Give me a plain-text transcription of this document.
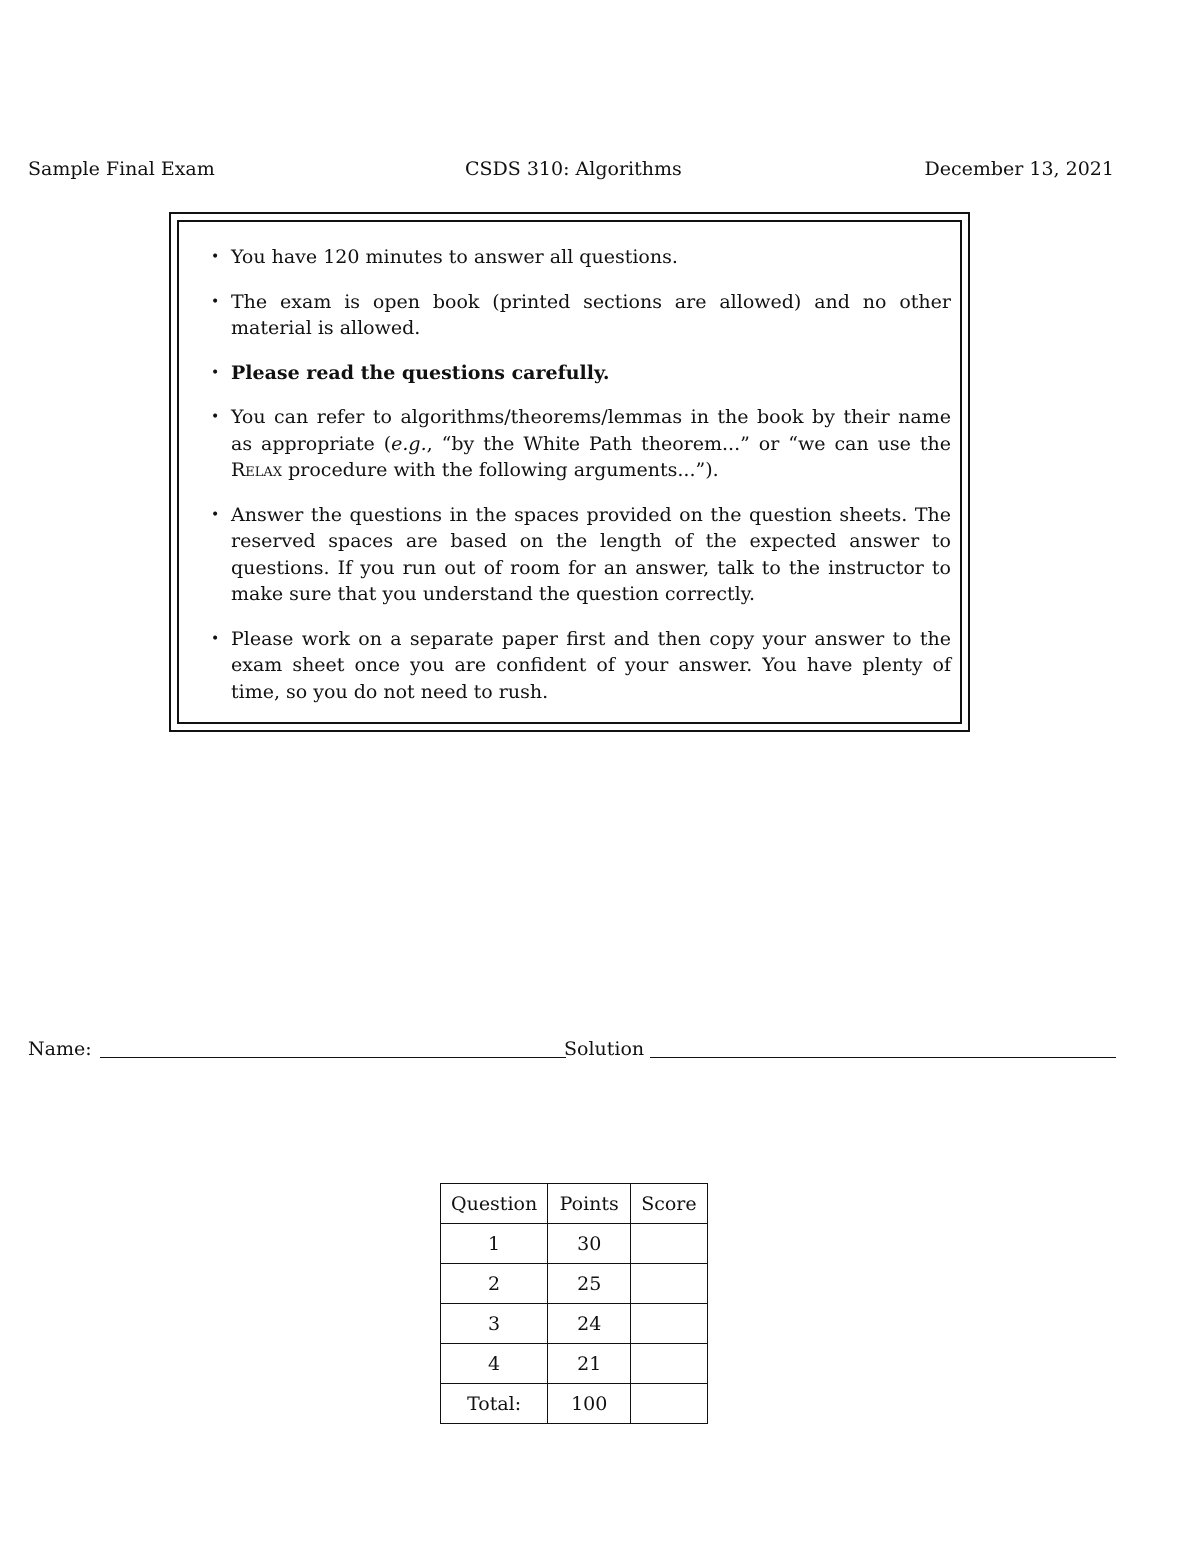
Sample Final Exam	CSDS 310: Algorithms	December 13, 2021
• You have 120 minutes to answer all questions.
• The exam is open book (printed sections are allowed) and no other material is allowed.
• Please read the questions carefully.
• You can refer to algorithms/theorems/lemmas in the book by their name as appropriate (e.g., “by the White Path theorem...” or “we can use the Relax procedure with the following arguments...”).
• Answer the questions in the spaces provided on the question sheets. The reserved spaces are based on the length of the expected answer to questions. If you run out of room for an answer, talk to the instructor to make sure that you understand the question correctly.
• Please work on a separate paper first and then copy your answer to the exam sheet once you are confident of your answer. You have plenty of time, so you do not need to rush.
Name:	Solution
Question	Points	Score
1	30	
2	25	
3	24	
4	21	
Total:	100	
